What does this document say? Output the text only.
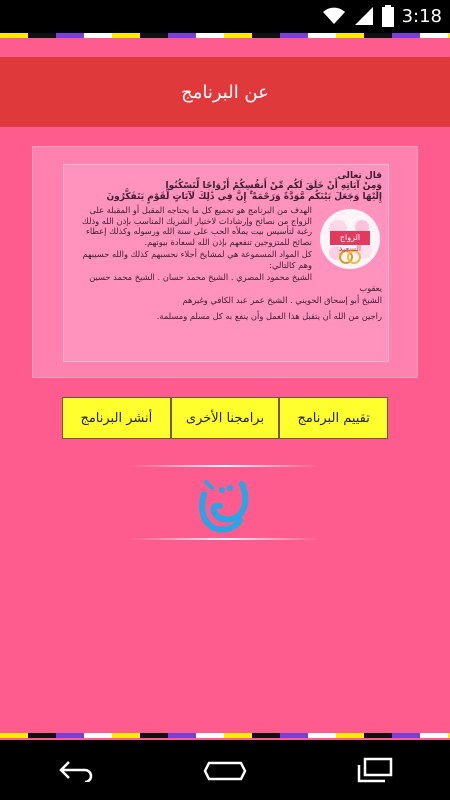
3:18
عن البرنامج
قال تعالى
وَمِنْ آيَاتِهِ أَنْ خَلَقَ لَكُم مِّنْ أَنفُسِكُمْ أَزْوَاجًا لِّتَسْكُنُوا
إِلَيْهَا وَجَعَلَ بَيْنَكُم مَّوَدَّةً وَرَحْمَةً ۚ إِنَّ فِي ذَٰلِكَ لَآيَاتٍ لِّقَوْمٍ يَتَفَكَّرُونَ
الزواج
السعيد
الهدف من البرنامج هو تجميع كل ما يحتاجه المقبل أو المقبلة على الزواج من نصائح وإرشادات لاختيار الشريك المناسب بإذن الله وذلك رغبة لتأسيس بيت يملأه الحب على سنة الله ورسوله وكذلك إعطاء نصائح للمتزوجين تنفعهم بإذن الله لسعادة بيوتهم.
كل المواد المسموعة هي لمشايخ أجلاء نحسبهم كذلك والله حسيبهم وهم كالتالي:
الشيخ محمود المصري . الشيخ محمد حسان . الشيخ محمد حسين يعقوب
الشيخ أبو إسحاق الحويني . الشيخ عمر عبد الكافي وغيرهم
راجين من الله أن يتقبل هذا العمل وأن ينفع به كل مسلم ومسلمة.
أنشر البرنامج	برامجنا الأخرى	تقييم البرنامج
